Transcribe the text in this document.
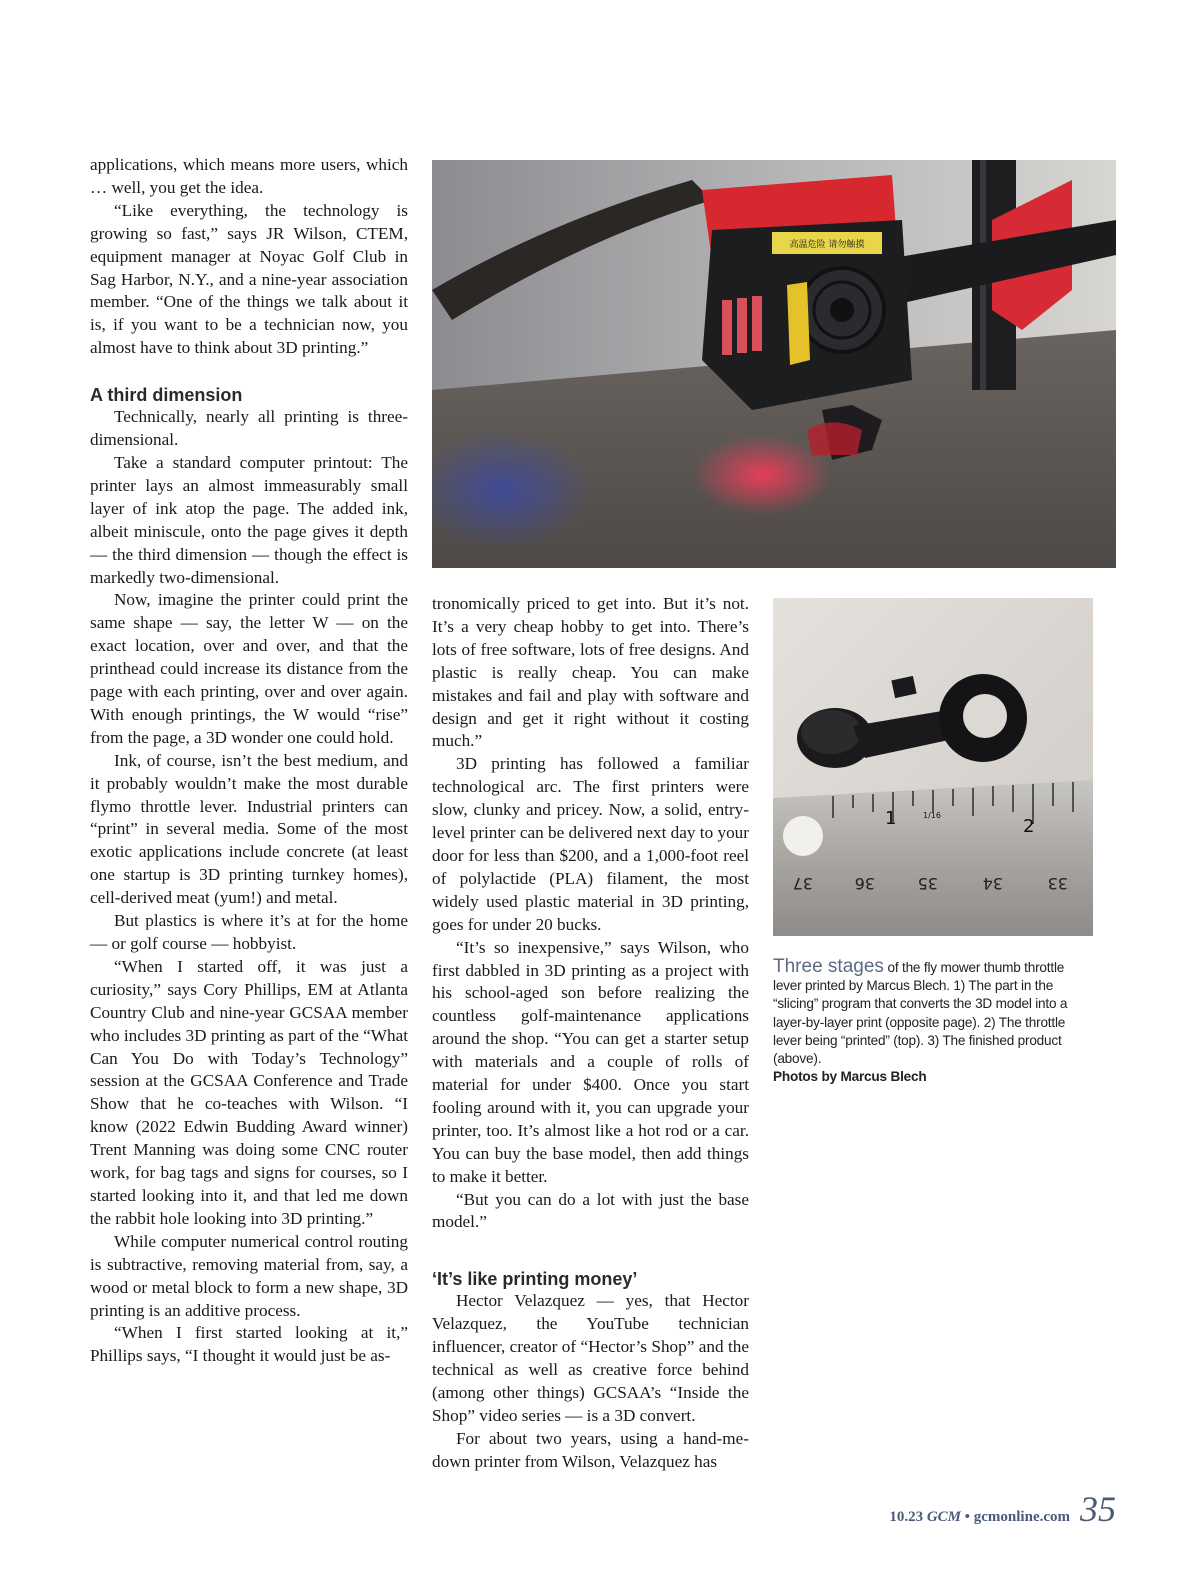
applications, which means more users, which … well, you get the idea.

“Like everything, the technology is growing so fast,” says JR Wilson, CTEM, equipment manager at Noyac Golf Club in Sag Harbor, N.Y., and a nine-year association member. “One of the things we talk about it is, if you want to be a technician now, you almost have to think about 3D printing.”

A third dimension

Technically, nearly all printing is three-dimensional.

Take a standard computer printout: The printer lays an almost immeasurably small layer of ink atop the page. The added ink, albeit miniscule, onto the page gives it depth — the third dimension — though the effect is markedly two-dimensional.

Now, imagine the printer could print the same shape — say, the letter W — on the exact location, over and over, and that the printhead could increase its distance from the page with each printing, over and over again. With enough printings, the W would “rise” from the page, a 3D wonder one could hold.

Ink, of course, isn’t the best medium, and it probably wouldn’t make the most durable flymo throttle lever. Industrial printers can “print” in several media. Some of the most exotic applications include concrete (at least one startup is 3D printing turnkey homes), cell-derived meat (yum!) and metal.

But plastics is where it’s at for the home — or golf course — hobbyist.

“When I started off, it was just a curiosity,” says Cory Phillips, EM at Atlanta Country Club and nine-year GCSAA member who includes 3D printing as part of the “What Can You Do with Today’s Technology” session at the GCSAA Conference and Trade Show that he co-teaches with Wilson. “I know (2022 Edwin Budding Award winner) Trent Manning was doing some CNC router work, for bag tags and signs for courses, so I started looking into it, and that led me down the rabbit hole looking into 3D printing.”

While computer numerical control routing is subtractive, removing material from, say, a wood or metal block to form a new shape, 3D printing is an additive process.

“When I first started looking at it,” Phillips says, “I thought it would just be as-

高温危险 请勿触摸

tronomically priced to get into. But it’s not. It’s a very cheap hobby to get into. There’s lots of free software, lots of free designs. And plastic is really cheap. You can make mistakes and fail and play with software and design and get it right without it costing much.”

3D printing has followed a familiar technological arc. The first printers were slow, clunky and pricey. Now, a solid, entry-level printer can be delivered next day to your door for less than $200, and a 1,000-foot reel of polylactide (PLA) filament, the most widely used plastic material in 3D printing, goes for under 20 bucks.

“It’s so inexpensive,” says Wilson, who first dabbled in 3D printing as a project with his school-aged son before realizing the countless golf-maintenance applications around the shop. “You can get a starter setup with materials and a couple of rolls of material for under $400. Once you start fooling around with it, you can upgrade your printer, too. It’s almost like a hot rod or a car. You can buy the base model, then add things to make it better.

“But you can do a lot with just the base model.”

‘It’s like printing money’

Hector Velazquez — yes, that Hector Velazquez, the YouTube technician influencer, creator of “Hector’s Shop” and the technical as well as creative force behind (among other things) GCSAA’s “Inside the Shop” video series — is a 3D convert.

For about two years, using a hand-me-down printer from Wilson, Velazquez has

1	1/16
2
37	36	35	34	33
Three stages of the fly mower thumb throttle lever printed by Marcus Blech. 1) The part in the “slicing” program that converts the 3D model into a layer-by-layer print (opposite page). 2) The throttle lever being “printed” (top). 3) The finished product (above).
Photos by Marcus Blech
10.23 GCM • gcmonline.com 35
